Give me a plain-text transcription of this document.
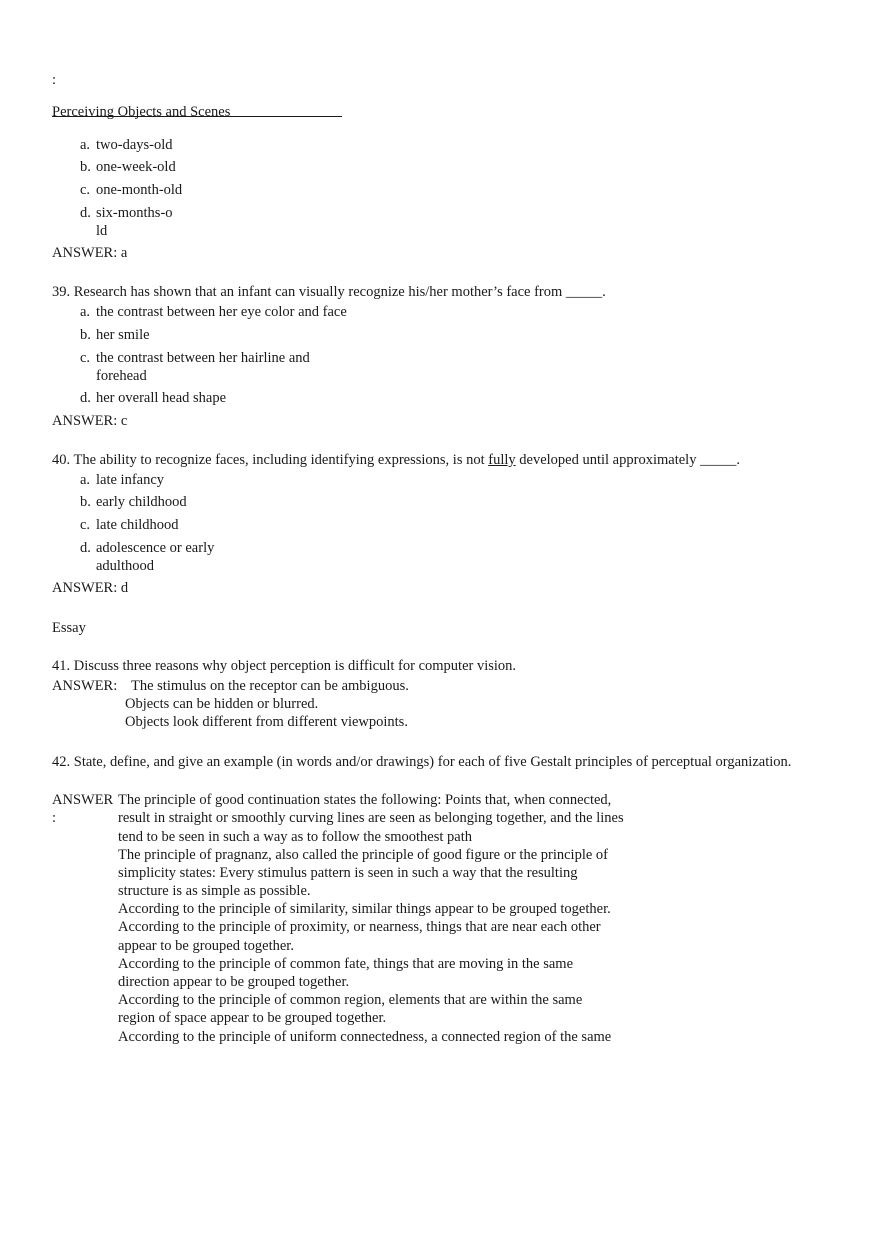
:
Perceiving Objects and Scenes
a. two-days-old
b. one-week-old
c. one-month-old
d. six-months-old
ANSWER: a
39. Research has shown that an infant can visually recognize his/her mother’s face from _____.
a. the contrast between her eye color and face
b. her smile
c. the contrast between her hairline and forehead
d. her overall head shape
ANSWER: c
40. The ability to recognize faces, including identifying expressions, is not fully developed until approximately _____.
a. late infancy
b. early childhood
c. late childhood
d. adolescence or early adulthood
ANSWER: d
Essay
41. Discuss three reasons why object perception is difficult for computer vision.
ANSWER: The stimulus on the receptor can be ambiguous.
Objects can be hidden or blurred.
Objects look different from different viewpoints.
42. State, define, and give an example (in words and/or drawings) for each of five Gestalt principles of perceptual organization.
ANSWER
:
The principle of good continuation states the following: Points that, when connected,
result in straight or smoothly curving lines are seen as belonging together, and the lines
tend to be seen in such a way as to follow the smoothest path
The principle of pragnanz, also called the principle of good figure or the principle of
simplicity states: Every stimulus pattern is seen in such a way that the resulting
structure is as simple as possible.
According to the principle of similarity, similar things appear to be grouped together.
According to the principle of proximity, or nearness, things that are near each other
appear to be grouped together.
According to the principle of common fate, things that are moving in the same
direction appear to be grouped together.
According to the principle of common region, elements that are within the same
region of space appear to be grouped together.
According to the principle of uniform connectedness, a connected region of the same
